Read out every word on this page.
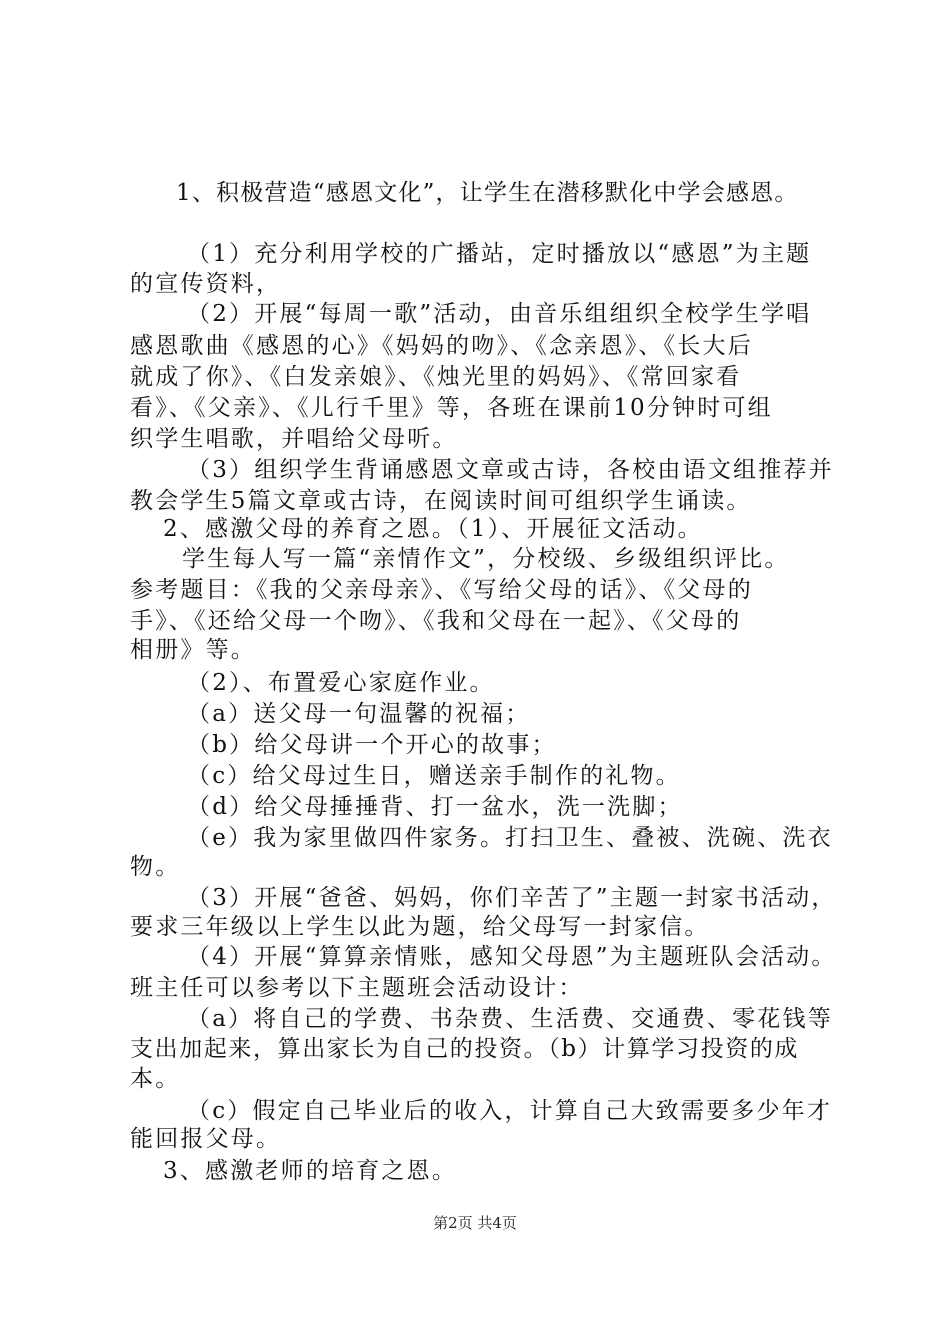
1、积极营造“感恩文化”，让学生在潜移默化中学会感恩。
（1）充分利用学校的广播站，定时播放以“感恩”为主题
的宣传资料，
（2）开展“每周一歌”活动，由音乐组组织全校学生学唱
感恩歌曲《感恩的心》《妈妈的吻》、《念亲恩》、《长大后
就成了你》、《白发亲娘》、《烛光里的妈妈》、《常回家看
看》、《父亲》、《儿行千里》等，各班在课前10分钟时可组
织学生唱歌，并唱给父母听。
（3）组织学生背诵感恩文章或古诗，各校由语文组推荐并
教会学生5篇文章或古诗，在阅读时间可组织学生诵读。
2、感激父母的养育之恩。（1）、开展征文活动。
学生每人写一篇“亲情作文”，分校级、乡级组织评比。
参考题目：《我的父亲母亲》、《写给父母的话》、《父母的
手》、《还给父母一个吻》、《我和父母在一起》、《父母的
相册》等。
（2）、布置爱心家庭作业。
（a）送父母一句温馨的祝福；
（b）给父母讲一个开心的故事；
（c）给父母过生日，赠送亲手制作的礼物。
（d）给父母捶捶背、打一盆水，洗一洗脚；
（e）我为家里做四件家务。打扫卫生、叠被、洗碗、洗衣
物。
（3）开展“爸爸、妈妈，你们辛苦了”主题一封家书活动，
要求三年级以上学生以此为题，给父母写一封家信。
（4）开展“算算亲情账，感知父母恩”为主题班队会活动。
班主任可以参考以下主题班会活动设计：
（a）将自己的学费、书杂费、生活费、交通费、零花钱等
支出加起来，算出家长为自己的投资。（b）计算学习投资的成
本。
（c）假定自己毕业后的收入，计算自己大致需要多少年才
能回报父母。
3、感激老师的培育之恩。
第2页 共4页
